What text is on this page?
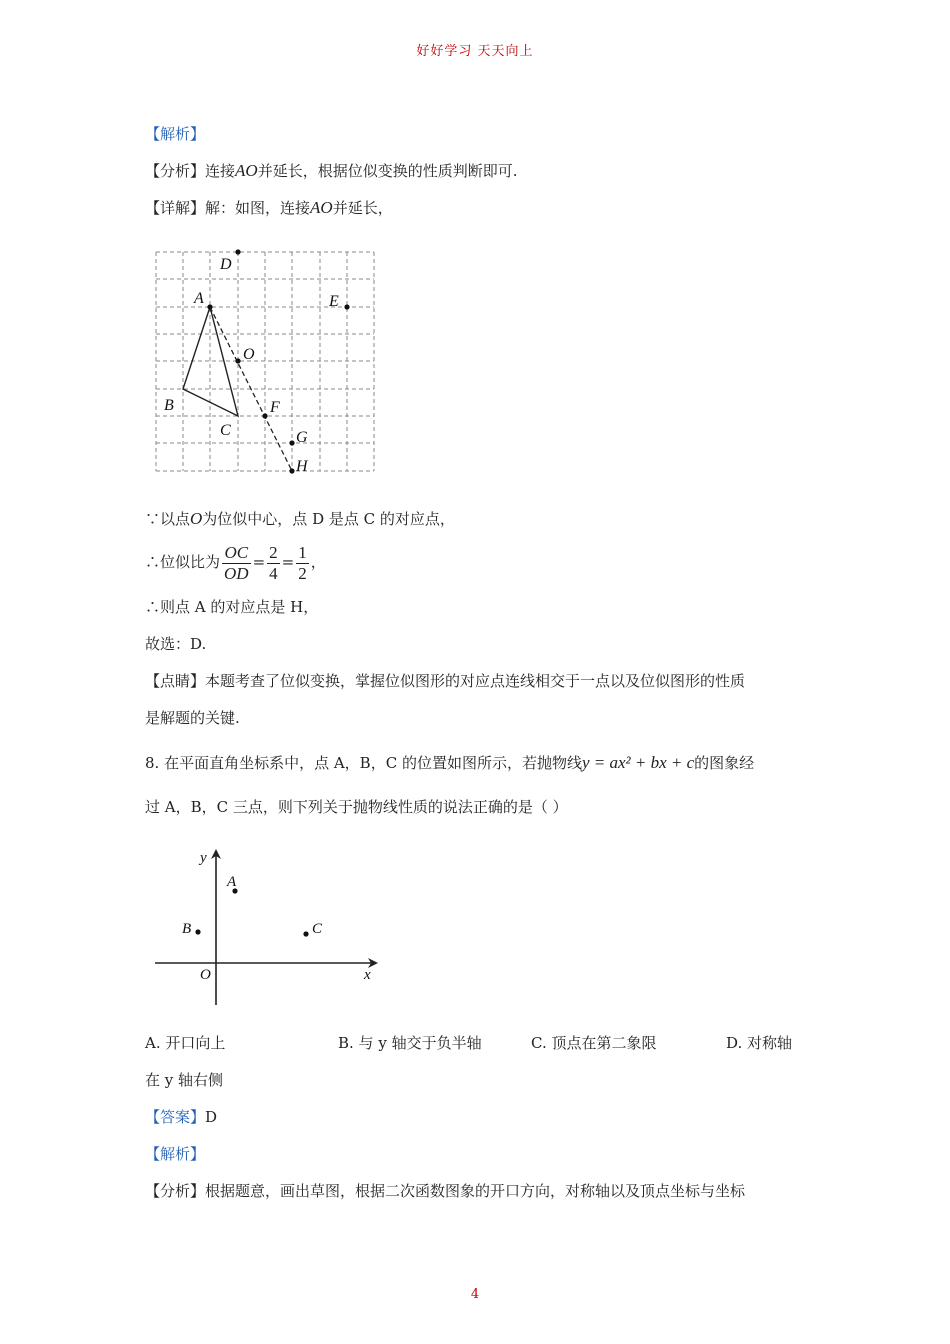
好好学习 天天向上
【解析】
【分析】连接AO并延长，根据位似变换的性质判断即可.
【详解】解：如图，连接AO并延长，
D
E
A
O
B
C
F
G
H
∵以点O为位似中心，点 D 是点 C 的对应点，
∴位似比为 $\frac{OC}{OD} = \frac{2}{4} = \frac{1}{2}$ ，
∴则点 A 的对应点是 H，
故选：D.
【点睛】本题考查了位似变换，掌握位似图形的对应点连线相交于一点以及位似图形的性质
是解题的关键.
8. 在平面直角坐标系中，点 A，B，C 的位置如图所示，若抛物线y = ax² + bx + c的图象经
过 A，B，C 三点，则下列关于抛物线性质的说法正确的是（ ）
y
x
O
A
B	C
A. 开口向上	B. 与 y 轴交于负半轴	C. 顶点在第二象限	D. 对称轴
在 y 轴右侧
【答案】D
【解析】
【分析】根据题意，画出草图，根据二次函数图象的开口方向，对称轴以及顶点坐标与坐标
4
